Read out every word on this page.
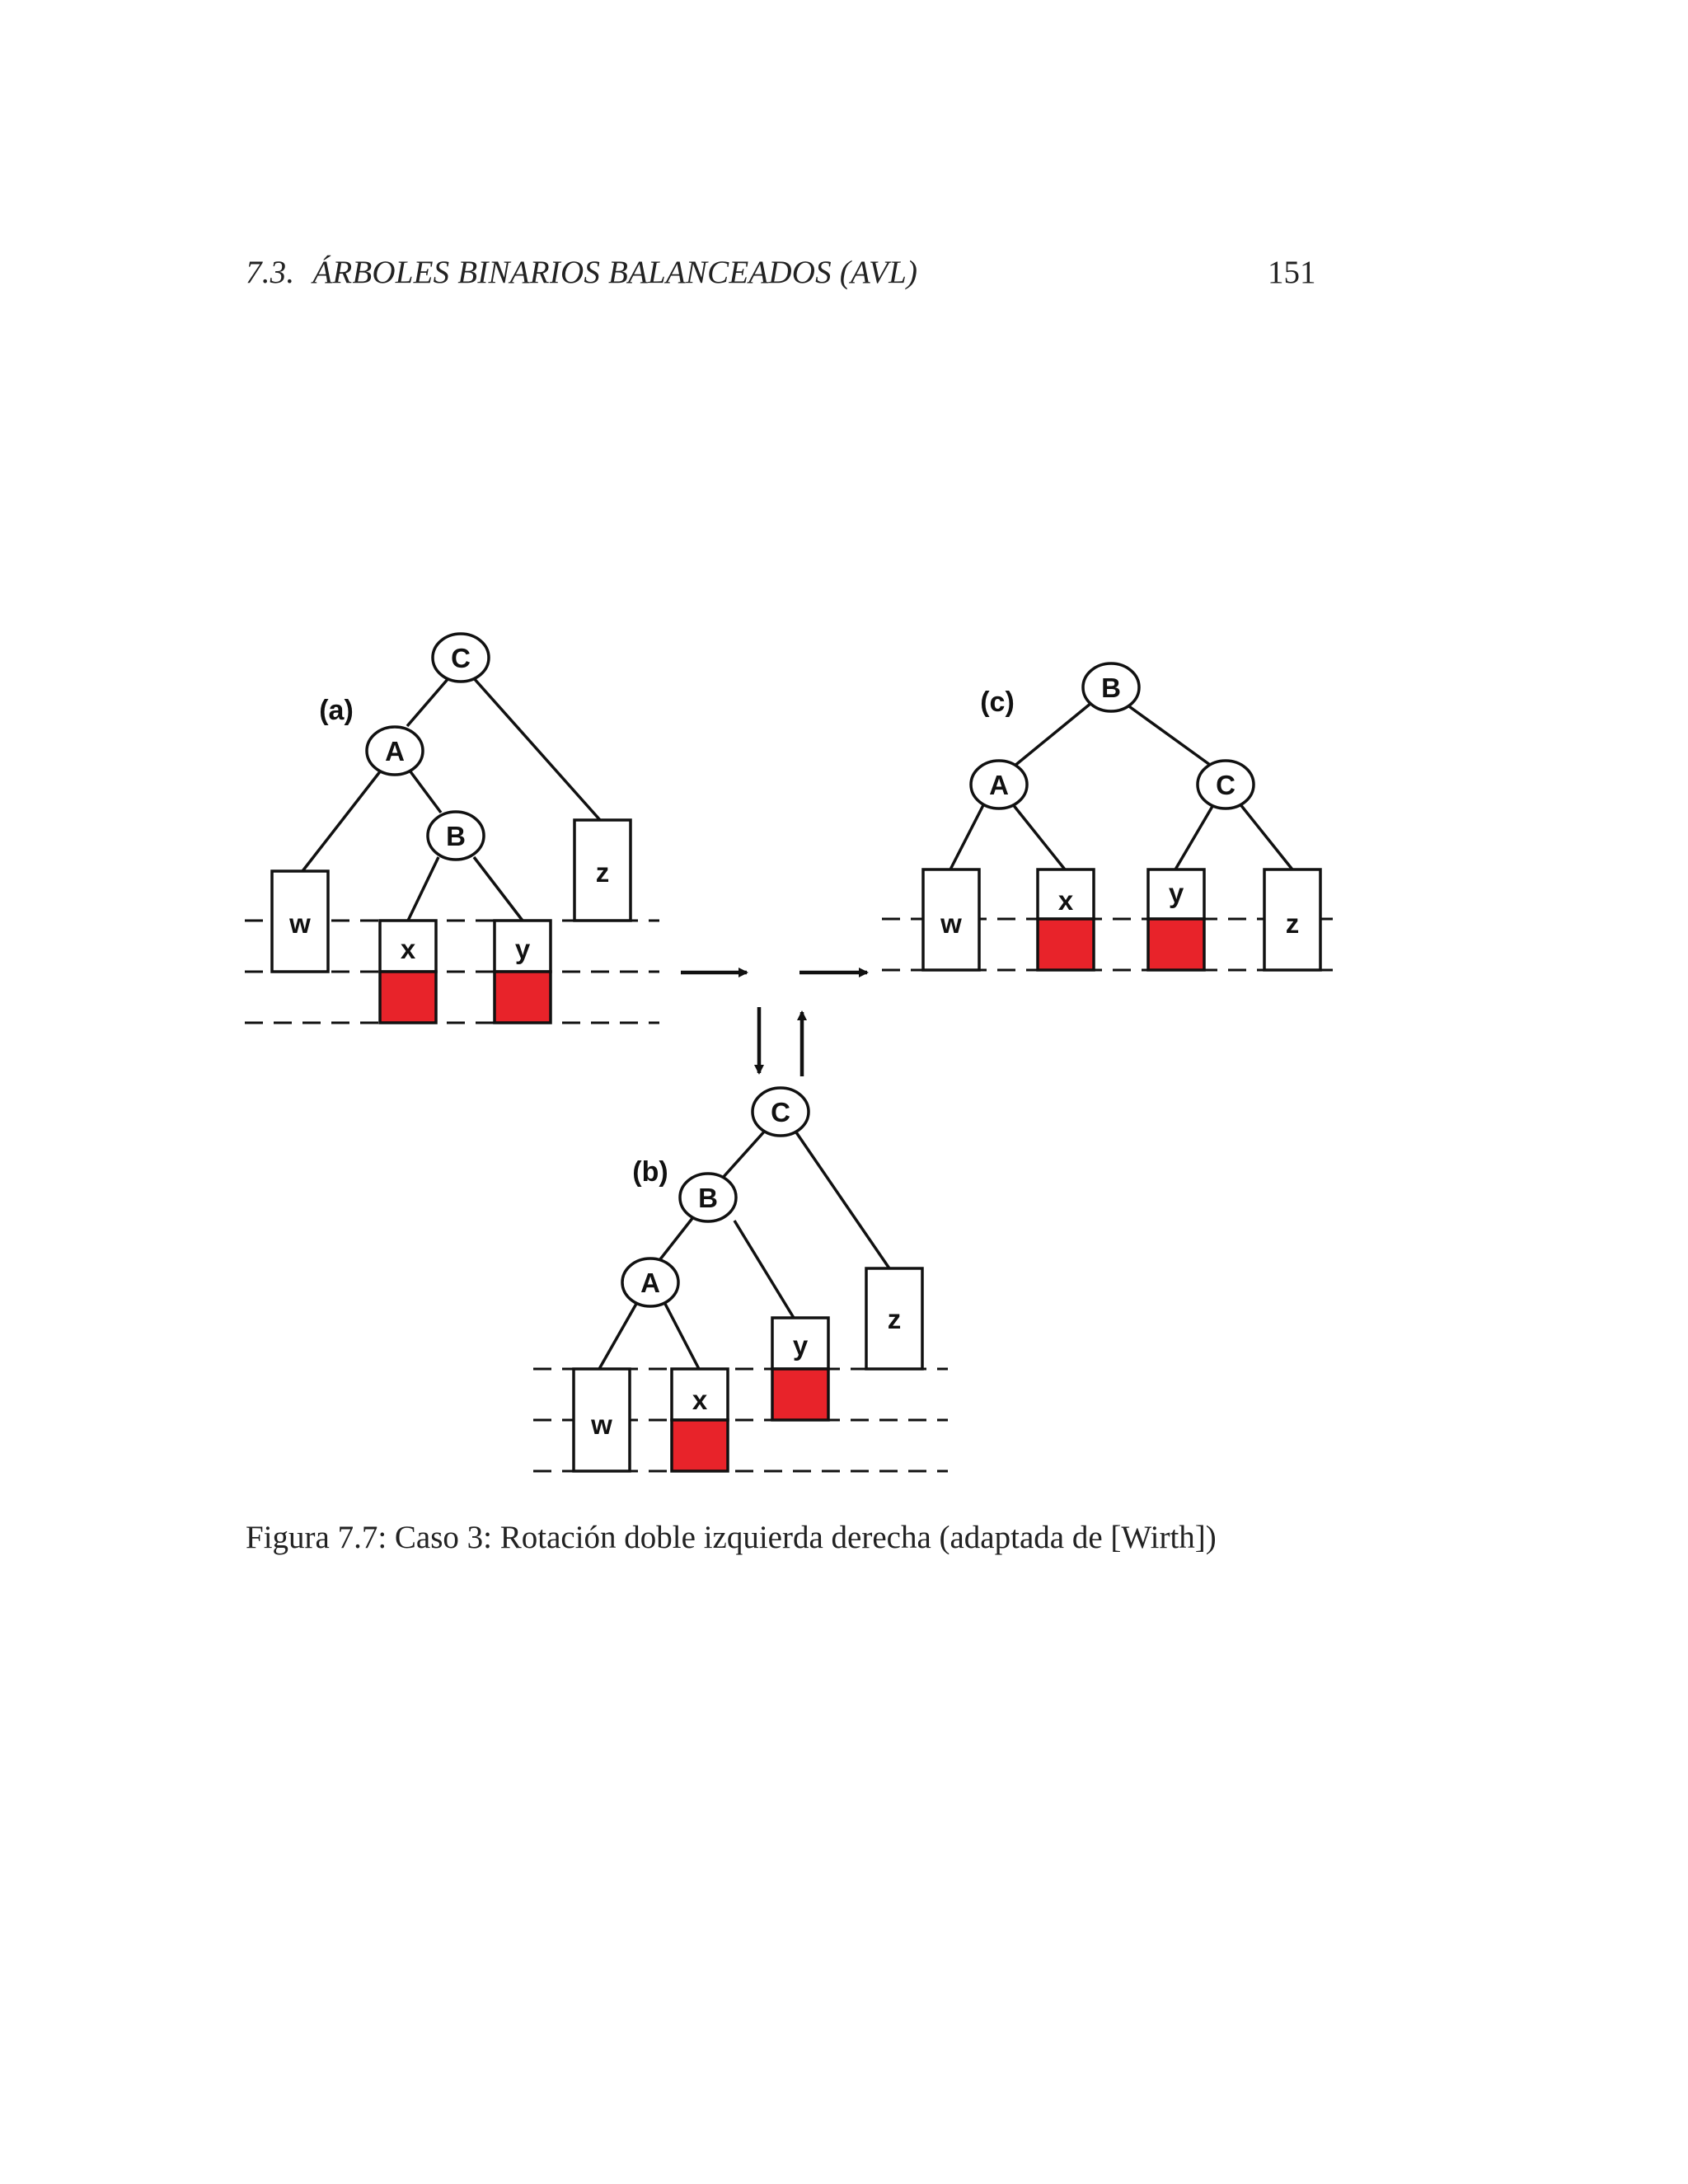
7.3. ÁRBOLES BINARIOS BALANCEADOS (AVL)	151
C
A
B
w
x	y
z
(a)
C
B
A
w
x
y
z
(b)
B
A	C
w
x	y
z
(c)
Figura 7.7: Caso 3: Rotación doble izquierda derecha (adaptada de [Wirth])
